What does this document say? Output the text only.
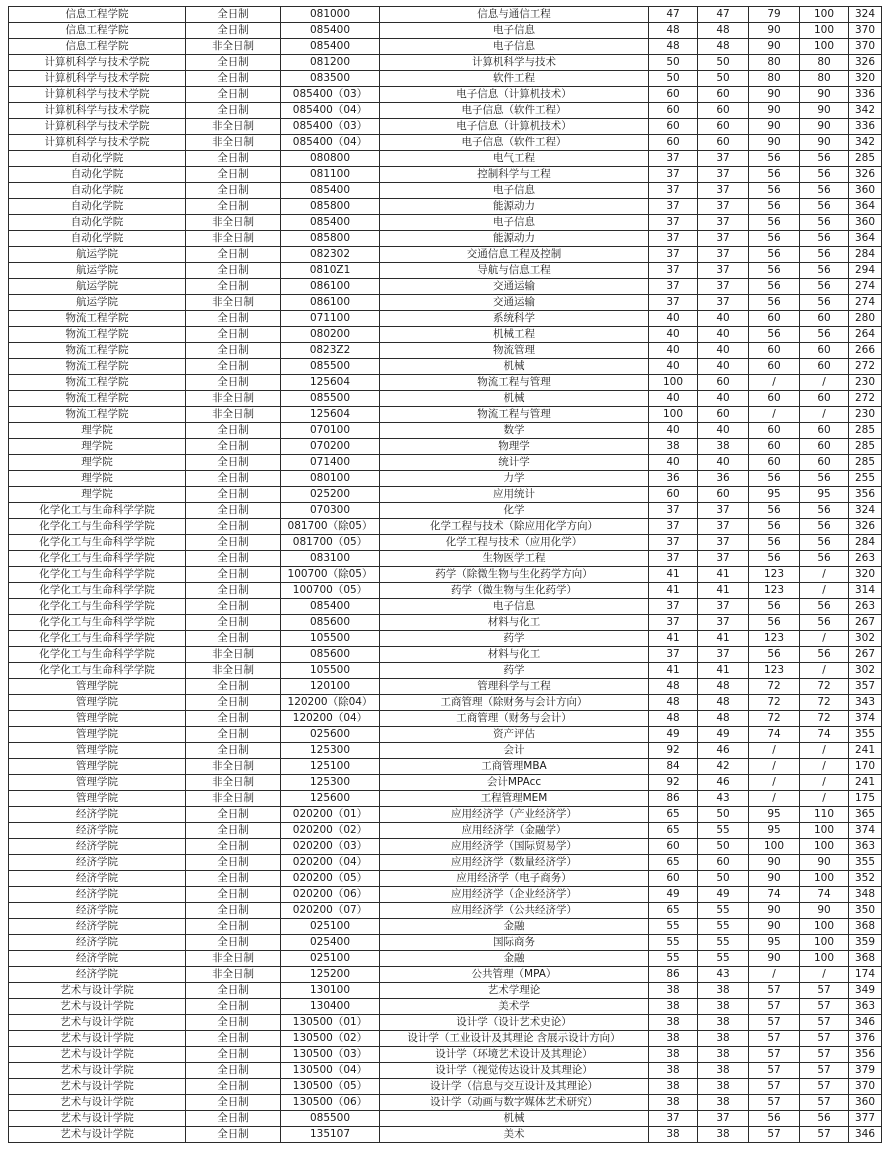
信息工程学院	全日制	081000	信息与通信工程	47	47	79	100	324
信息工程学院	全日制	085400	电子信息	48	48	90	100	370
信息工程学院	非全日制	085400	电子信息	48	48	90	100	370
计算机科学与技术学院	全日制	081200	计算机科学与技术	50	50	80	80	326
计算机科学与技术学院	全日制	083500	软件工程	50	50	80	80	320
计算机科学与技术学院	全日制	085400（03）	电子信息（计算机技术）	60	60	90	90	336
计算机科学与技术学院	全日制	085400（04）	电子信息（软件工程）	60	60	90	90	342
计算机科学与技术学院	非全日制	085400（03）	电子信息（计算机技术）	60	60	90	90	336
计算机科学与技术学院	非全日制	085400（04）	电子信息（软件工程）	60	60	90	90	342
自动化学院	全日制	080800	电气工程	37	37	56	56	285
自动化学院	全日制	081100	控制科学与工程	37	37	56	56	326
自动化学院	全日制	085400	电子信息	37	37	56	56	360
自动化学院	全日制	085800	能源动力	37	37	56	56	364
自动化学院	非全日制	085400	电子信息	37	37	56	56	360
自动化学院	非全日制	085800	能源动力	37	37	56	56	364
航运学院	全日制	082302	交通信息工程及控制	37	37	56	56	284
航运学院	全日制	0810Z1	导航与信息工程	37	37	56	56	294
航运学院	全日制	086100	交通运输	37	37	56	56	274
航运学院	非全日制	086100	交通运输	37	37	56	56	274
物流工程学院	全日制	071100	系统科学	40	40	60	60	280
物流工程学院	全日制	080200	机械工程	40	40	56	56	264
物流工程学院	全日制	0823Z2	物流管理	40	40	60	60	266
物流工程学院	全日制	085500	机械	40	40	60	60	272
物流工程学院	全日制	125604	物流工程与管理	100	60	/	/	230
物流工程学院	非全日制	085500	机械	40	40	60	60	272
物流工程学院	非全日制	125604	物流工程与管理	100	60	/	/	230
理学院	全日制	070100	数学	40	40	60	60	285
理学院	全日制	070200	物理学	38	38	60	60	285
理学院	全日制	071400	统计学	40	40	60	60	285
理学院	全日制	080100	力学	36	36	56	56	255
理学院	全日制	025200	应用统计	60	60	95	95	356
化学化工与生命科学学院	全日制	070300	化学	37	37	56	56	324
化学化工与生命科学学院	全日制	081700（除05）	化学工程与技术（除应用化学方向）	37	37	56	56	326
化学化工与生命科学学院	全日制	081700（05）	化学工程与技术（应用化学）	37	37	56	56	284
化学化工与生命科学学院	全日制	083100	生物医学工程	37	37	56	56	263
化学化工与生命科学学院	全日制	100700（除05）	药学（除微生物与生化药学方向）	41	41	123	/	320
化学化工与生命科学学院	全日制	100700（05）	药学（微生物与生化药学）	41	41	123	/	314
化学化工与生命科学学院	全日制	085400	电子信息	37	37	56	56	263
化学化工与生命科学学院	全日制	085600	材料与化工	37	37	56	56	267
化学化工与生命科学学院	全日制	105500	药学	41	41	123	/	302
化学化工与生命科学学院	非全日制	085600	材料与化工	37	37	56	56	267
化学化工与生命科学学院	非全日制	105500	药学	41	41	123	/	302
管理学院	全日制	120100	管理科学与工程	48	48	72	72	357
管理学院	全日制	120200（除04）	工商管理（除财务与会计方向）	48	48	72	72	343
管理学院	全日制	120200（04）	工商管理（财务与会计）	48	48	72	72	374
管理学院	全日制	025600	资产评估	49	49	74	74	355
管理学院	全日制	125300	会计	92	46	/	/	241
管理学院	非全日制	125100	工商管理MBA	84	42	/	/	170
管理学院	非全日制	125300	会计MPAcc	92	46	/	/	241
管理学院	非全日制	125600	工程管理MEM	86	43	/	/	175
经济学院	全日制	020200（01）	应用经济学（产业经济学）	65	50	95	110	365
经济学院	全日制	020200（02）	应用经济学（金融学）	65	55	95	100	374
经济学院	全日制	020200（03）	应用经济学（国际贸易学）	60	50	100	100	363
经济学院	全日制	020200（04）	应用经济学（数量经济学）	65	60	90	90	355
经济学院	全日制	020200（05）	应用经济学（电子商务）	60	50	90	100	352
经济学院	全日制	020200（06）	应用经济学（企业经济学）	49	49	74	74	348
经济学院	全日制	020200（07）	应用经济学（公共经济学）	65	55	90	90	350
经济学院	全日制	025100	金融	55	55	90	100	368
经济学院	全日制	025400	国际商务	55	55	95	100	359
经济学院	非全日制	025100	金融	55	55	90	100	368
经济学院	非全日制	125200	公共管理（MPA）	86	43	/	/	174
艺术与设计学院	全日制	130100	艺术学理论	38	38	57	57	349
艺术与设计学院	全日制	130400	美术学	38	38	57	57	363
艺术与设计学院	全日制	130500（01）	设计学（设计艺术史论）	38	38	57	57	346
艺术与设计学院	全日制	130500（02）	设计学（工业设计及其理论 含展示设计方向）	38	38	57	57	376
艺术与设计学院	全日制	130500（03）	设计学（环境艺术设计及其理论）	38	38	57	57	356
艺术与设计学院	全日制	130500（04）	设计学（视觉传达设计及其理论）	38	38	57	57	379
艺术与设计学院	全日制	130500（05）	设计学（信息与交互设计及其理论）	38	38	57	57	370
艺术与设计学院	全日制	130500（06）	设计学（动画与数字媒体艺术研究）	38	38	57	57	360
艺术与设计学院	全日制	085500	机械	37	37	56	56	377
艺术与设计学院	全日制	135107	美术	38	38	57	57	346
